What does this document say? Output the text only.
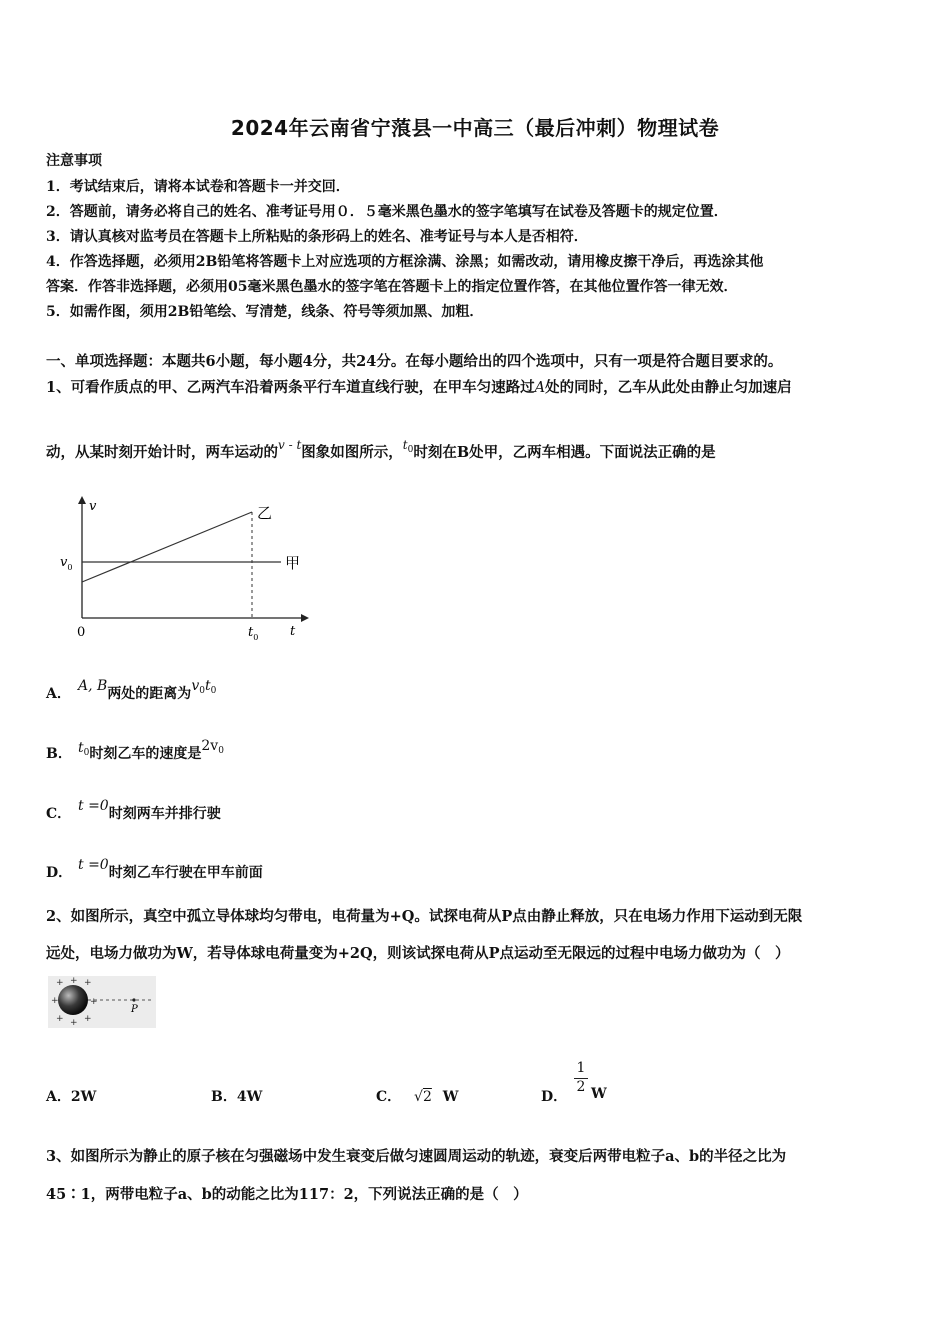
2024年云南省宁蒗县一中高三（最后冲刺）物理试卷
注意事项
1．考试结束后，请将本试卷和答题卡一并交回．
2．答题前，请务必将自己的姓名、准考证号用０．５毫米黑色墨水的签字笔填写在试卷及答题卡的规定位置．
3．请认真核对监考员在答题卡上所粘贴的条形码上的姓名、准考证号与本人是否相符．
4．作答选择题，必须用2B铅笔将答题卡上对应选项的方框涂满、涂黑；如需改动，请用橡皮擦干净后，再选涂其他
答案．作答非选择题，必须用05毫米黑色墨水的签字笔在答题卡上的指定位置作答，在其他位置作答一律无效．
5．如需作图，须用2B铅笔绘、写清楚，线条、符号等须加黑、加粗．
一、单项选择题：本题共6小题，每小题4分，共24分。在每小题给出的四个选项中，只有一项是符合题目要求的。
1、可看作质点的甲、乙两汽车沿着两条平行车道直线行驶，在甲车匀速路过A处的同时，乙车从此处由静止匀加速启
动，从某时刻开始计时，两车运动的$^{v - t}$图象如图所示，$^{t_0}$时刻在B处甲，乙两车相遇。下面说法正确的是
v
t
0
$v_0$
$t_0$
乙
甲
A． A, B两处的距离为$v_0t_0$
B． $t_0$时刻乙车的速度是$2v_0$
C． t =0时刻两车并排行驶
D． t =0时刻乙车行驶在甲车前面
2、如图所示，真空中孤立导体球均匀带电，电荷量为+Q。试探电荷从P点由静止释放，只在电场力作用下运动到无限
远处，电场力做功为W，若导体球电荷量变为+2Q，则该试探电荷从P点运动至无限远的过程中电场力做功为（　）
P
+ + +
+	+
+ + +
A．2W	B．4W	C． √2 W	D．
1
2 W
3、如图所示为静止的原子核在匀强磁场中发生衰变后做匀速圆周运动的轨迹，衰变后两带电粒子a、b的半径之比为
45∶1，两带电粒子a、b的动能之比为117：2，下列说法正确的是（　）
